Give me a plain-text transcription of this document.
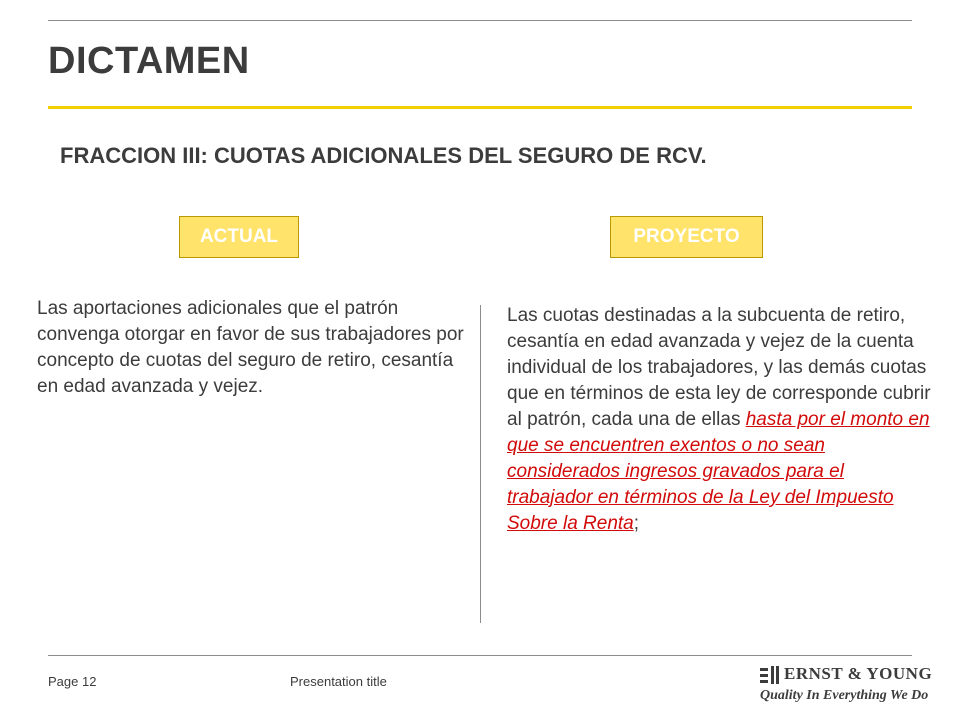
DICTAMEN
FRACCION III: CUOTAS ADICIONALES DEL SEGURO DE RCV.
ACTUAL	PROYECTO
Las aportaciones adicionales que el patrón convenga otorgar en favor de sus trabajadores por concepto de cuotas del seguro de retiro, cesantía en edad avanzada y vejez.
Las cuotas destinadas a la subcuenta de retiro, cesantía en edad avanzada y vejez de la cuenta individual de los trabajadores, y las demás cuotas que en términos de esta ley de corresponde cubrir al patrón, cada una de ellas hasta por el monto en que se encuentren exentos o no sean considerados ingresos gravados para el trabajador en términos de la Ley del Impuesto Sobre la Renta;
Page 12	Presentation title	ERNST & YOUNG
Quality In Everything We Do
